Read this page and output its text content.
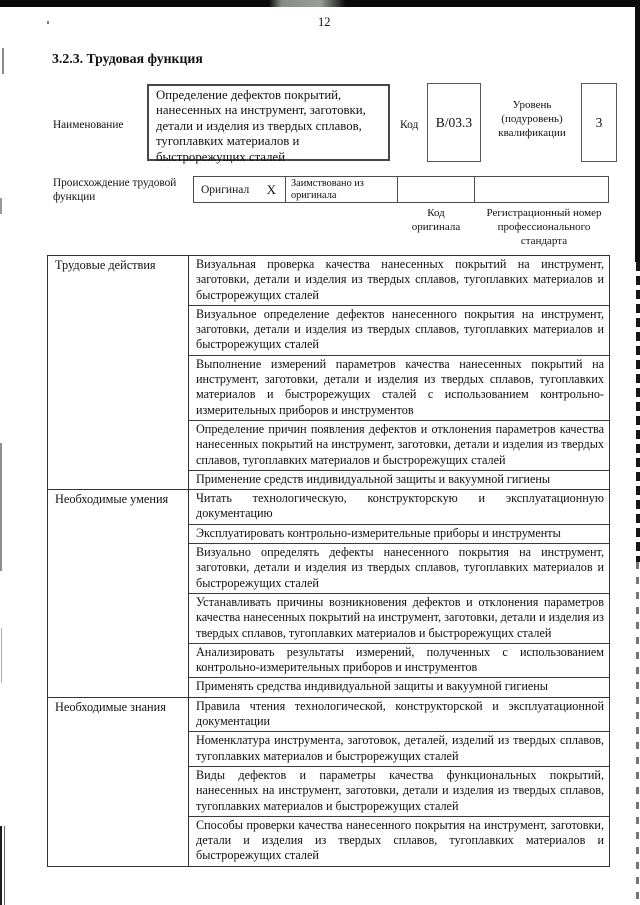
12
3.2.3. Трудовая функция
Наименование
Определение дефектов покрытий, нанесенных на инструмент, заготовки, детали и изделия из твердых сплавов, тугоплавких материалов и быстрорежущих сталей
Код	В/03.3
Уровень (подуровень) квалификации
3
Происхождение трудовой функции
Оригинал X	Заимствовано из оригинала
Код оригинала
Регистрационный номер профессионального стандарта
Трудовые действия	Визуальная проверка качества нанесенных покрытий на инструмент, заготовки, детали и изделия из твердых сплавов, тугоплавких материалов и быстрорежущих сталей
Визуальное определение дефектов нанесенного покрытия на инструмент, заготовки, детали и изделия из твердых сплавов, тугоплавких материалов и быстрорежущих сталей
Выполнение измерений параметров качества нанесенных покрытий на инструмент, заготовки, детали и изделия из твердых сплавов, тугоплавких материалов и быстрорежущих сталей с использованием контрольно-измерительных приборов и инструментов
Определение причин появления дефектов и отклонения параметров качества нанесенных покрытий на инструмент, заготовки, детали и изделия из твердых сплавов, тугоплавких материалов и быстрорежущих сталей
Применение средств индивидуальной защиты и вакуумной гигиены
Необходимые умения	Читать технологическую, конструкторскую и эксплуатационную документацию
Эксплуатировать контрольно-измерительные приборы и инструменты
Визуально определять дефекты нанесенного покрытия на инструмент, заготовки, детали и изделия из твердых сплавов, тугоплавких материалов и быстрорежущих сталей
Устанавливать причины возникновения дефектов и отклонения параметров качества нанесенных покрытий на инструмент, заготовки, детали и изделия из твердых сплавов, тугоплавких материалов и быстрорежущих сталей
Анализировать результаты измерений, полученных с использованием контрольно-измерительных приборов и инструментов
Применять средства индивидуальной защиты и вакуумной гигиены
Необходимые знания	Правила чтения технологической, конструкторской и эксплуатационной документации
Номенклатура инструмента, заготовок, деталей, изделий из твердых сплавов, тугоплавких материалов и быстрорежущих сталей
Виды дефектов и параметры качества функциональных покрытий, нанесенных на инструмент, заготовки, детали и изделия из твердых сплавов, тугоплавких материалов и быстрорежущих сталей
Способы проверки качества нанесенного покрытия на инструмент, заготовки, детали и изделия из твердых сплавов, тугоплавких материалов и быстрорежущих сталей
